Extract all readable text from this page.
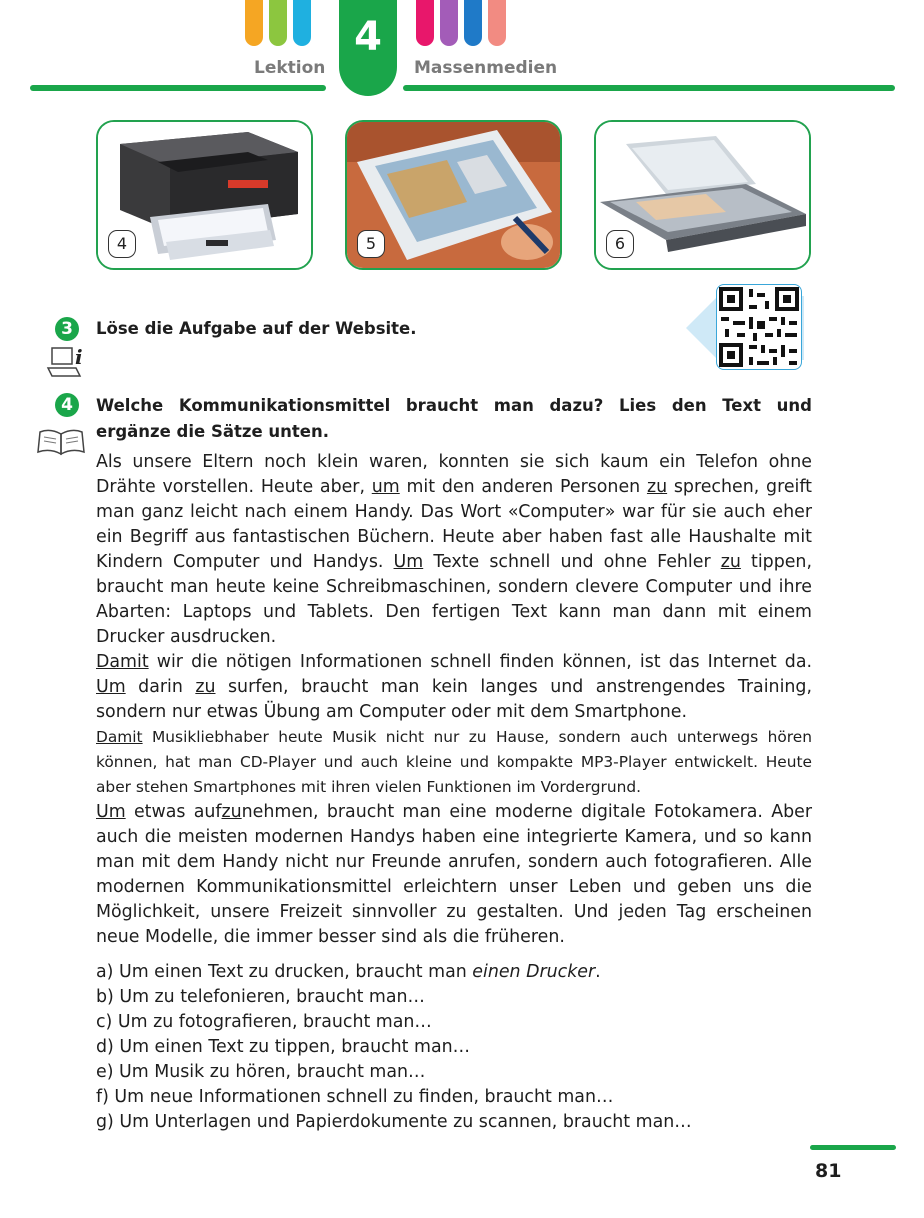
Lektion
4
Massenmedien
4	5	6
3	Löse die Aufgabe auf der Website.
i
4	Welche Kommunikationsmittel braucht man dazu? Lies den Text und
ergänze die Sätze unten.

Als unsere Eltern noch klein waren, konnten sie sich kaum ein Telefon ohne Drähte vorstellen. Heute aber, um mit den anderen Personen zu sprechen, greift man ganz leicht nach einem Handy. Das Wort «Computer» war für sie auch eher ein Begriff aus fantastischen Büchern. Heute aber haben fast alle Haushalte mit Kindern Computer und Handys. Um Texte schnell und ohne Fehler zu tippen, braucht man heute keine Schreibmaschinen, sondern clevere Computer und ihre Abarten: Laptops und Tablets. Den fertigen Text kann man dann mit einem Drucker ausdrucken.

Damit wir die nötigen Informationen schnell finden können, ist das Internet da. Um darin zu surfen, braucht man kein langes und anstrengendes Training, sondern nur etwas Übung am Computer oder mit dem Smartphone.

Damit Musikliebhaber heute Musik nicht nur zu Hause, sondern auch unterwegs hören können, hat man CD-Player und auch kleine und kompakte MP3-Player entwickelt. Heute aber stehen Smartphones mit ihren vielen Funktionen im Vordergrund.

Um etwas aufzunehmen, braucht man eine moderne digitale Fotokamera. Aber auch die meisten modernen Handys haben eine integrierte Kamera, und so kann man mit dem Handy nicht nur Freunde anrufen, sondern auch fotografieren. Alle modernen Kommunikationsmittel erleichtern unser Leben und geben uns die Möglichkeit, unsere Freizeit sinnvoller zu gestalten. Und jeden Tag erscheinen neue Modelle, die immer besser sind als die früheren.

a) Um einen Text zu drucken, braucht man einen Drucker.
b) Um zu telefonieren, braucht man…
c) Um zu fotografieren, braucht man…
d) Um einen Text zu tippen, braucht man…
e) Um Musik zu hören, braucht man…
f) Um neue Informationen schnell zu finden, braucht man…
g) Um Unterlagen und Papierdokumente zu scannen, braucht man…
81
